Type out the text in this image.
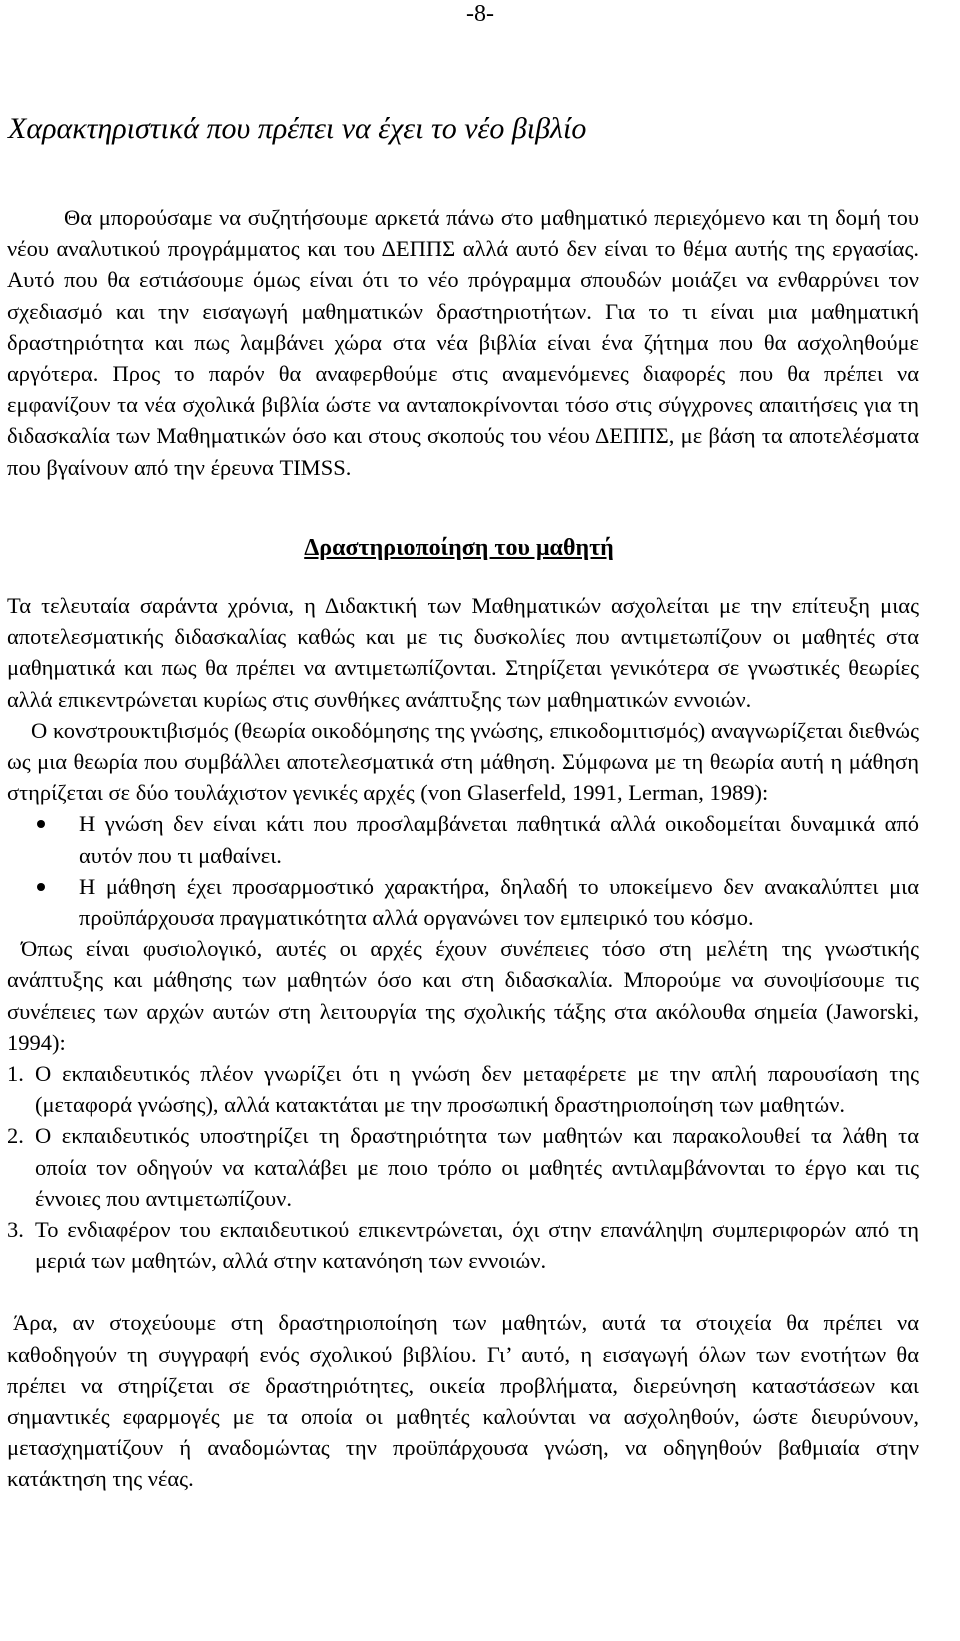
-8-
Χαρακτηριστικά που πρέπει να έχει το νέο βιβλίο

Θα μπορούσαμε να συζητήσουμε αρκετά πάνω στο μαθηματικό περιεχόμενο και τη δομή του νέου αναλυτικού προγράμματος και του ΔΕΠΠΣ αλλά αυτό δεν είναι το θέμα αυτής της εργασίας. Αυτό που θα εστιάσουμε όμως είναι ότι το νέο πρόγραμμα σπουδών μοιάζει να ενθαρρύνει τον σχεδιασμό και την εισαγωγή μαθηματικών δραστηριοτήτων. Για το τι είναι μια μαθηματική δραστηριότητα και πως λαμβάνει χώρα στα νέα βιβλία είναι ένα ζήτημα που θα ασχοληθούμε αργότερα. Προς το παρόν θα αναφερθούμε στις αναμενόμενες διαφορές που θα πρέπει να εμφανίζουν τα νέα σχολικά βιβλία ώστε να ανταποκρίνονται τόσο στις σύγχρονες απαιτήσεις για τη διδασκαλία των Μαθηματικών όσο και στους σκοπούς του νέου ΔΕΠΠΣ, με βάση τα αποτελέσματα που βγαίνουν από την έρευνα TIMSS.

Δραστηριοποίηση του μαθητή

Τα τελευταία σαράντα χρόνια, η Διδακτική των Μαθηματικών ασχολείται με την επίτευξη μιας αποτελεσματικής διδασκαλίας καθώς και με τις δυσκολίες που αντιμετωπίζουν οι μαθητές στα μαθηματικά και πως θα πρέπει να αντιμετωπίζονται. Στηρίζεται γενικότερα σε γνωστικές θεωρίες αλλά επικεντρώνεται κυρίως στις συνθήκες ανάπτυξης των μαθηματικών εννοιών.

Ο κονστρουκτιβισμός (θεωρία οικοδόμησης της γνώσης, επικοδομιτισμός) αναγνωρίζεται διεθνώς ως μια θεωρία που συμβάλλει αποτελεσματικά στη μάθηση. Σύμφωνα με τη θεωρία αυτή η μάθηση στηρίζεται σε δύο τουλάχιστον γενικές αρχές (von Glaserfeld, 1991, Lerman, 1989):

Η γνώση δεν είναι κάτι που προσλαμβάνεται παθητικά αλλά οικοδομείται δυναμικά από αυτόν που τι μαθαίνει.
Η μάθηση έχει προσαρμοστικό χαρακτήρα, δηλαδή το υποκείμενο δεν ανακαλύπτει μια προϋπάρχουσα πραγματικότητα αλλά οργανώνει τον εμπειρικό του κόσμο.

Όπως είναι φυσιολογικό, αυτές οι αρχές έχουν συνέπειες τόσο στη μελέτη της γνωστικής ανάπτυξης και μάθησης των μαθητών όσο και στη διδασκαλία. Μπορούμε να συνοψίσουμε τις συνέπειες των αρχών αυτών στη λειτουργία της σχολικής τάξης στα ακόλουθα σημεία (Jaworski, 1994):

1. Ο εκπαιδευτικός πλέον γνωρίζει ότι η γνώση δεν μεταφέρετε με την απλή παρουσίαση της (μεταφορά γνώσης), αλλά κατακτάται με την προσωπική δραστηριοποίηση των μαθητών.
2. Ο εκπαιδευτικός υποστηρίζει τη δραστηριότητα των μαθητών και παρακολουθεί τα λάθη τα οποία τον οδηγούν να καταλάβει με ποιο τρόπο οι μαθητές αντιλαμβάνονται το έργο και τις έννοιες που αντιμετωπίζουν.
3. Το ενδιαφέρον του εκπαιδευτικού επικεντρώνεται, όχι στην επανάληψη συμπεριφορών από τη μεριά των μαθητών, αλλά στην κατανόηση των εννοιών.

Άρα, αν στοχεύουμε στη δραστηριοποίηση των μαθητών, αυτά τα στοιχεία θα πρέπει να καθοδηγούν τη συγγραφή ενός σχολικού βιβλίου. Γι’ αυτό, η εισαγωγή όλων των ενοτήτων θα πρέπει να στηρίζεται σε δραστηριότητες, οικεία προβλήματα, διερεύνηση καταστάσεων και σημαντικές εφαρμογές με τα οποία οι μαθητές καλούνται να ασχοληθούν, ώστε διευρύνουν, μετασχηματίζουν ή αναδομώντας την προϋπάρχουσα γνώση, να οδηγηθούν βαθμιαία στην κατάκτηση της νέας.
